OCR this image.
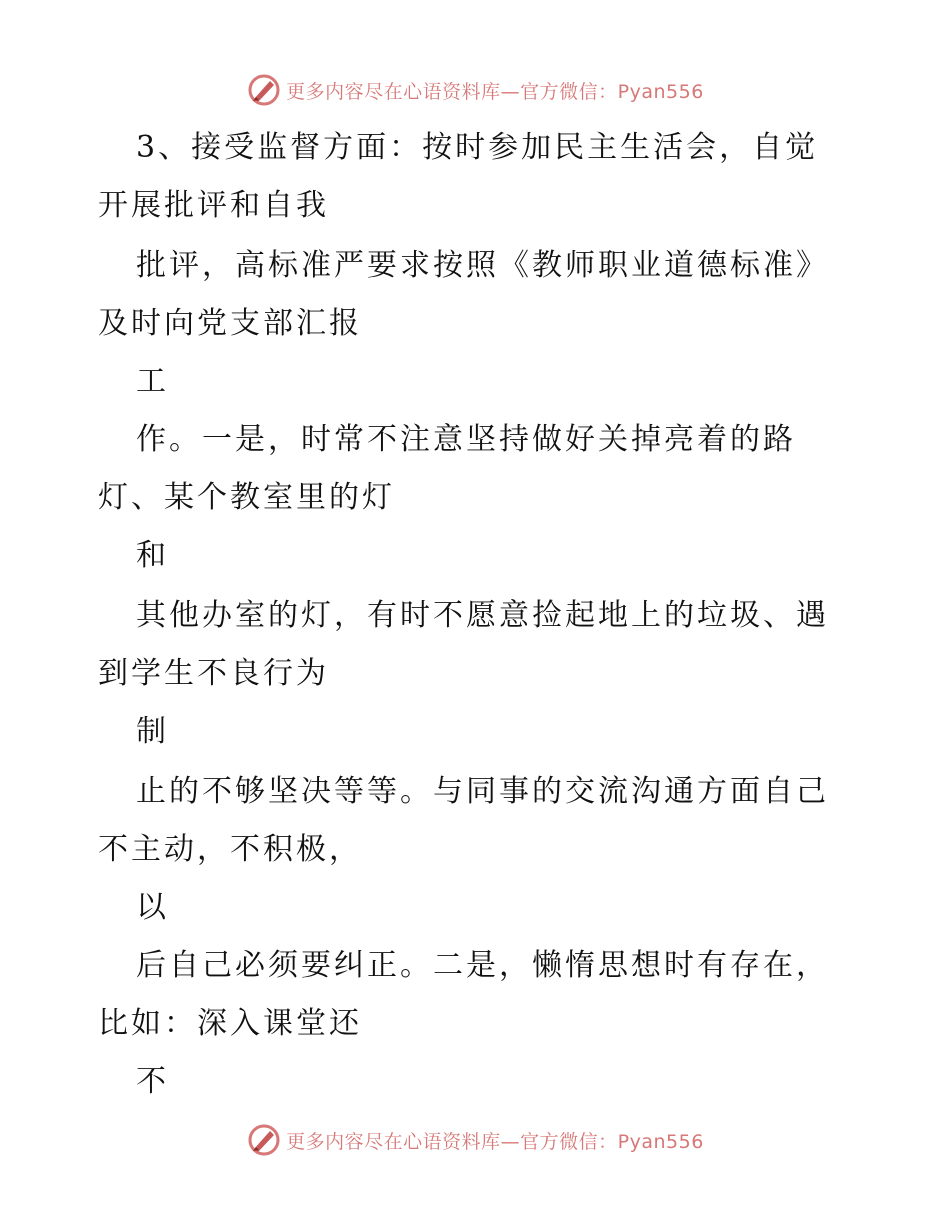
更多内容尽在心语资料库—官方微信：Pyan556
3、接受监督方面：按时参加民主生活会，自觉
开展批评和自我
批评，高标准严要求按照《教师职业道德标准》
及时向党支部汇报
工
作。一是，时常不注意坚持做好关掉亮着的路
灯、某个教室里的灯
和
其他办室的灯，有时不愿意捡起地上的垃圾、遇
到学生不良行为
制
止的不够坚决等等。与同事的交流沟通方面自己
不主动，不积极，
以
后自己必须要纠正。二是，懒惰思想时有存在，
比如：深入课堂还
不
更多内容尽在心语资料库—官方微信：Pyan556
